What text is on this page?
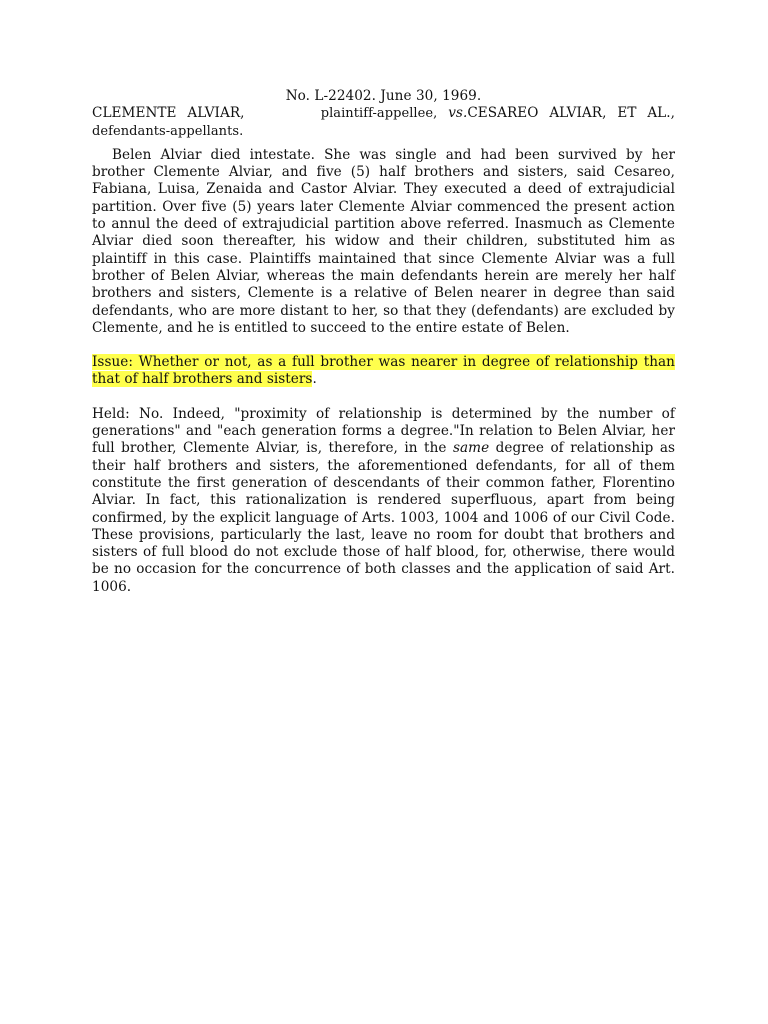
No. L-22402. June 30, 1969.

CLEMENTE ALVIAR,	plaintiff-appellee, vs.CESAREO ALVIAR, ET AL., defendants-appellants.

Belen Alviar died intestate. She was single and had been survived by her brother Clemente Alviar, and five (5) half brothers and sisters, said Cesareo, Fabiana, Luisa, Zenaida and Castor Alviar. They executed a deed of extrajudicial partition. Over five (5) years later Clemente Alviar commenced the present action to annul the deed of extrajudicial partition above referred. Inasmuch as Clemente Alviar died soon thereafter, his widow and their children, substituted him as plaintiff in this case. Plaintiffs maintained that since Clemente Alviar was a full brother of Belen Alviar, whereas the main defendants herein are merely her half brothers and sisters, Clemente is a relative of Belen nearer in degree than said defendants, who are more distant to her, so that they (defendants) are excluded by Clemente, and he is entitled to succeed to the entire estate of Belen.

Issue: Whether or not, as a full brother was nearer in degree of relationship than that of half brothers and sisters.

Held: No. Indeed, "proximity of relationship is determined by the number of generations" and "each generation forms a degree."In relation to Belen Alviar, her full brother, Clemente Alviar, is, therefore, in the same degree of relationship as their half brothers and sisters, the aforementioned defendants, for all of them constitute the first generation of descendants of their common father, Florentino Alviar. In fact, this rationalization is rendered superfluous, apart from being confirmed, by the explicit language of Arts. 1003, 1004 and 1006 of our Civil Code. These provisions, particularly the last, leave no room for doubt that brothers and sisters of full blood do not exclude those of half blood, for, otherwise, there would be no occasion for the concurrence of both classes and the application of said Art. 1006.
